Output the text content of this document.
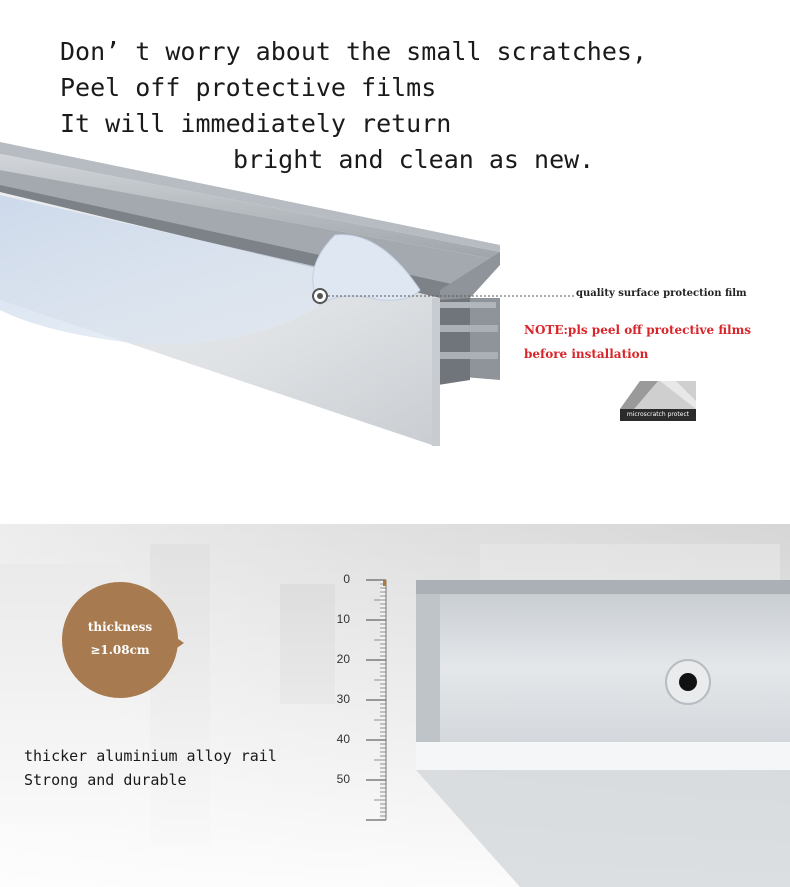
Don’ t worry about the small scratches,
Peel off protective films
It will immediately return
bright and clean as new.
quality surface protection film
NOTE:pls peel off protective films
before installation
microscratch protect
0
10
20
30
40
50
thickness
≥1.08cm
thicker aluminium alloy rail
Strong and durable
